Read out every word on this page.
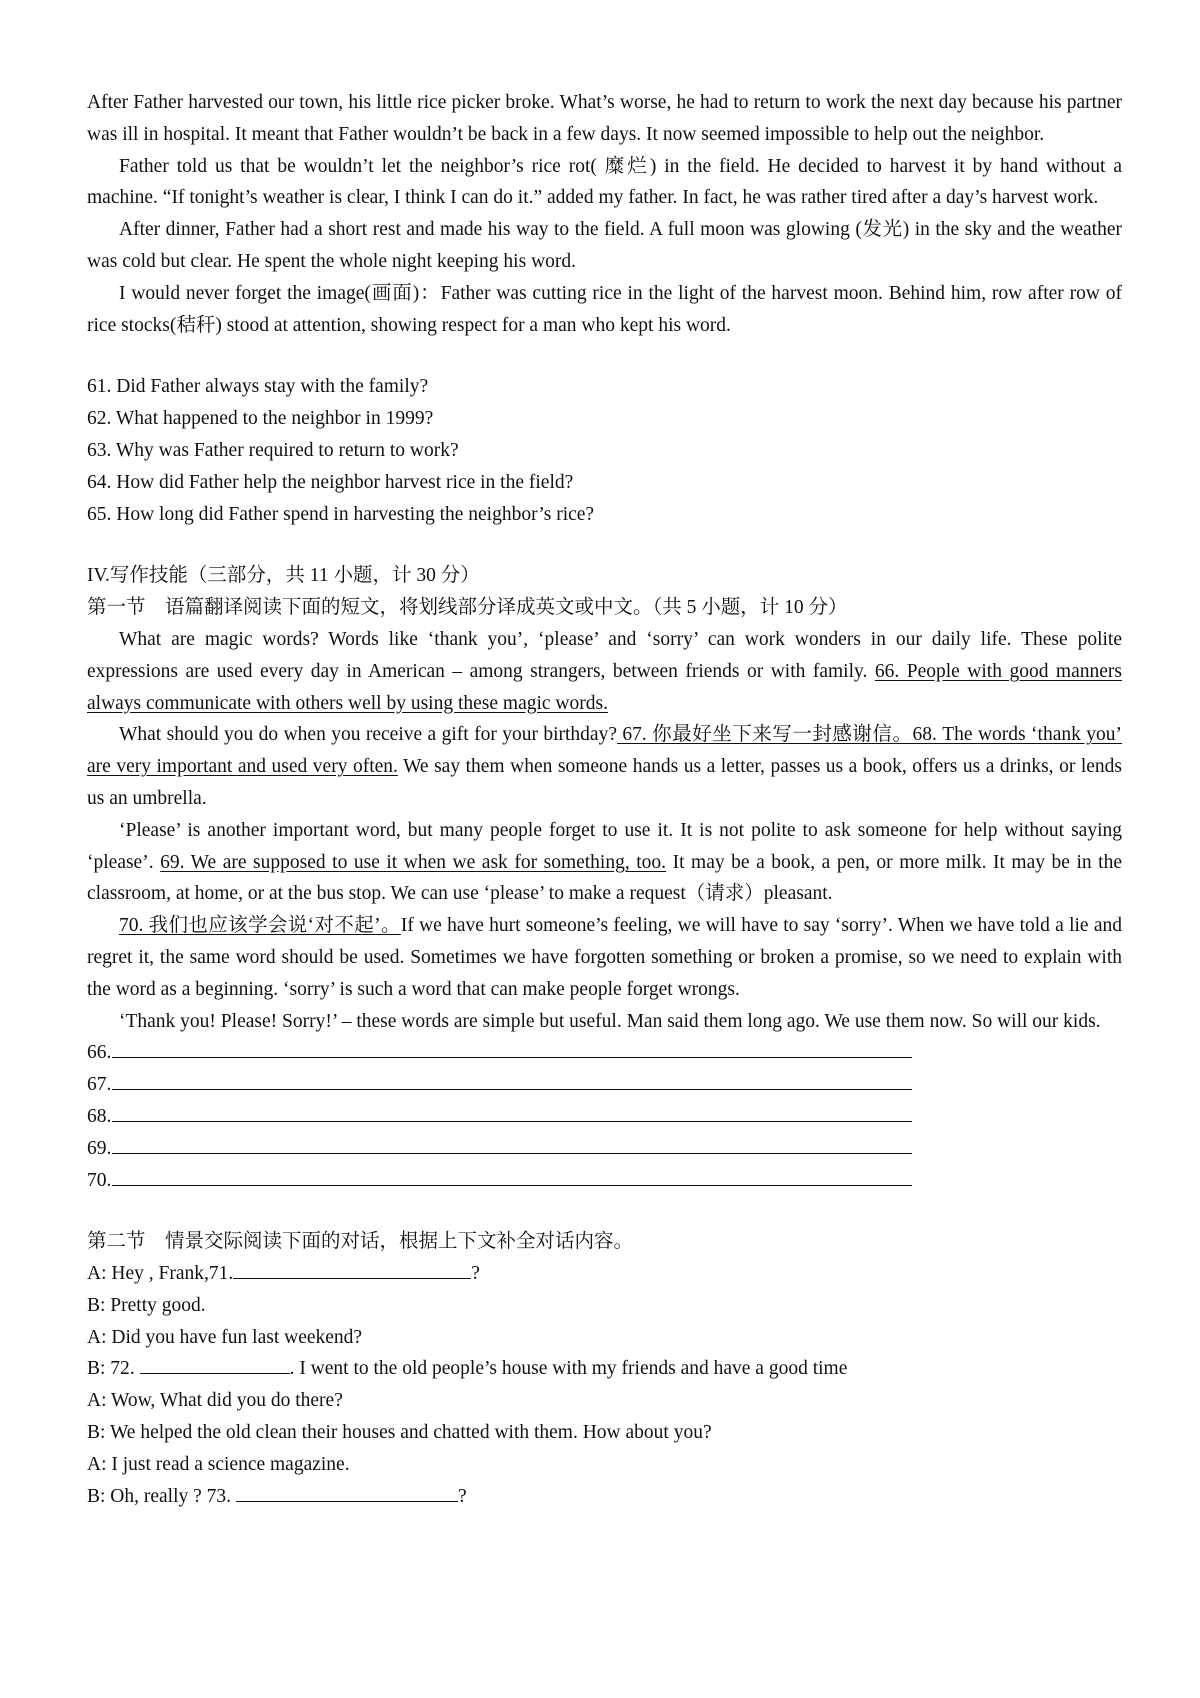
After Father harvested our town, his little rice picker broke. What’s worse, he had to return to work the next day because his partner was ill in hospital. It meant that Father wouldn’t be back in a few days. It now seemed impossible to help out the neighbor.

Father told us that be wouldn’t let the neighbor’s rice rot( 糜烂) in the field. He decided to harvest it by hand without a machine. “If tonight’s weather is clear, I think I can do it.” added my father. In fact, he was rather tired after a day’s harvest work.

After dinner, Father had a short rest and made his way to the field. A full moon was glowing (发光) in the sky and the weather was cold but clear. He spent the whole night keeping his word.

I would never forget the image(画面)：Father was cutting rice in the light of the harvest moon. Behind him, row after row of rice stocks(秸秆) stood at attention, showing respect for a man who kept his word.

61. Did Father always stay with the family?

62. What happened to the neighbor in 1999?

63. Why was Father required to return to work?

64. How did Father help the neighbor harvest rice in the field?

65. How long did Father spend in harvesting the neighbor’s rice?

IV.写作技能（三部分，共 11 小题，计 30 分）

第一节　语篇翻译阅读下面的短文，将划线部分译成英文或中文。（共 5 小题，计 10 分）

What are magic words? Words like ‘thank you’, ‘please’ and ‘sorry’ can work wonders in our daily life. These polite expressions are used every day in American – among strangers, between friends or with family. 66. People with good manners always communicate with others well by using these magic words.

What should you do when you receive a gift for your birthday? 67. 你最好坐下来写一封感谢信。68. The words ‘thank you’ are very important and used very often. We say them when someone hands us a letter, passes us a book, offers us a drinks, or lends us an umbrella.

‘Please’ is another important word, but many people forget to use it. It is not polite to ask someone for help without saying ‘please’. 69. We are supposed to use it when we ask for something, too. It may be a book, a pen, or more milk. It may be in the classroom, at home, or at the bus stop. We can use ‘please’ to make a request（请求）pleasant.

70. 我们也应该学会说‘对不起’。If we have hurt someone’s feeling, we will have to say ‘sorry’. When we have told a lie and regret it, the same word should be used. Sometimes we have forgotten something or broken a promise, so we need to explain with the word as a beginning. ‘sorry’ is such a word that can make people forget wrongs.

‘Thank you! Please! Sorry!’ – these words are simple but useful. Man said them long ago. We use them now. So will our kids.

66.

67.

68.

69.

70.

第二节　情景交际阅读下面的对话，根据上下文补全对话内容。

A: Hey , Frank,71.	?

B: Pretty good.

A: Did you have fun last weekend?

B: 72.	. I went to the old people’s house with my friends and have a good time

A: Wow, What did you do there?

B: We helped the old clean their houses and chatted with them. How about you?

A: I just read a science magazine.

B: Oh, really ? 73.	?
